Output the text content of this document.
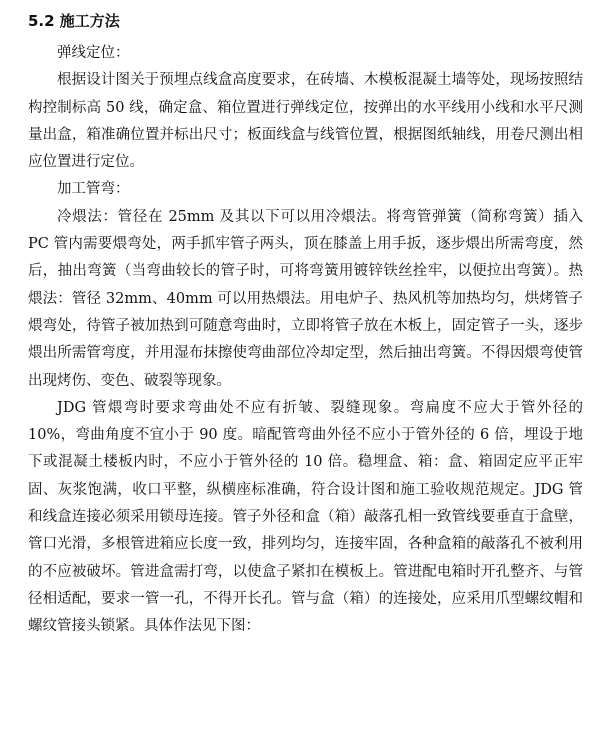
5.2 施工方法

弹线定位：

根据设计图关于预埋点线盒高度要求，在砖墙、木模板混凝土墙等处，现场按照结构控制标高 50 线，确定盒、箱位置进行弹线定位，按弹出的水平线用小线和水平尺测量出盒，箱准确位置并标出尺寸；板面线盒与线管位置，根据图纸轴线，用卷尺测出相应位置进行定位。

加工管弯：

冷煨法：管径在 25mm 及其以下可以用冷煨法。将弯管弹簧（简称弯簧）插入 PC 管内需要煨弯处，两手抓牢管子两头，顶在膝盖上用手扳，逐步煨出所需弯度，然后，抽出弯簧（当弯曲较长的管子时，可将弯簧用镀锌铁丝拴牢，以便拉出弯簧）。热煨法：管径 32mm、40mm 可以用热煨法。用电炉子、热风机等加热均匀，烘烤管子煨弯处，待管子被加热到可随意弯曲时，立即将管子放在木板上，固定管子一头，逐步煨出所需管弯度，并用湿布抹擦使弯曲部位冷却定型，然后抽出弯簧。不得因煨弯使管出现烤伤、变色、破裂等现象。

JDG 管煨弯时要求弯曲处不应有折皱、裂缝现象。弯扁度不应大于管外径的 10%，弯曲角度不宜小于 90 度。暗配管弯曲外径不应小于管外径的 6 倍，埋设于地下或混凝土楼板内时，不应小于管外径的 10 倍。稳埋盒、箱：盒、箱固定应平正牢固、灰浆饱满，收口平整，纵横座标准确，符合设计图和施工验收规范规定。JDG 管和线盒连接必须采用锁母连接。管子外径和盒（箱）敲落孔相一致管线要垂直于盒壁，管口光滑，多根管进箱应长度一致，排列均匀，连接牢固，各种盒箱的敲落孔不被利用的不应被破坏。管进盒需打弯，以使盒子紧扣在模板上。管进配电箱时开孔整齐、与管径相适配，要求一管一孔，不得开长孔。管与盒（箱）的连接处，应采用爪型螺纹帽和螺纹管接头锁紧。具体作法见下图：
